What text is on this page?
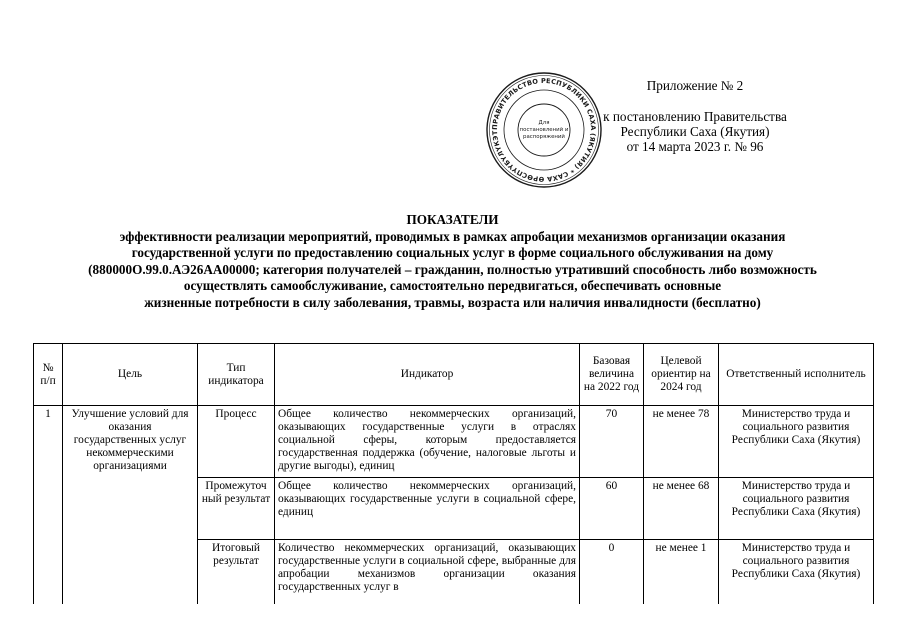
ПРАВИТЕЛЬСТВО РЕСПУБЛИКИ САХА (ЯКУТИЯ) * САХА ӨРӨСПҮҮБҮЛҮКЭТ
Для
постановлений и
распоряжений
Приложение № 2
к постановлению Правительства
Республики Саха (Якутия)
от 14 марта 2023 г. № 96
ПОКАЗАТЕЛИ
эффективности реализации мероприятий, проводимых в рамках апробации механизмов организации оказания
государственной услуги по предоставлению социальных услуг в форме социального обслуживания на дому
(880000О.99.0.АЭ26АА00000; категория получателей – гражданин, полностью утративший способность либо возможность
осуществлять самообслуживание, самостоятельно передвигаться, обеспечивать основные
жизненные потребности в силу заболевания, травмы, возраста или наличия инвалидности (бесплатно)
№ п/п	Цель	Тип индикатора	Индикатор	Базовая величина на 2022 год	Целевой ориентир на 2024 год	Ответственный исполнитель
1	Улучшение условий для оказания государственных услуг некоммерческими организациями	Процесс	Общее количество некоммерческих организаций, оказывающих государственные услуги в отраслях социальной сферы, которым предоставляется государственная поддержка (обучение, налоговые льготы и другие выгоды), единиц	70	не менее 78	Министерство труда и социального развития Республики Саха (Якутия)
		Промежуточ ный результат	Общее количество некоммерческих организаций, оказывающих государственные услуги в социальной сфере, единиц	60	не менее 68	Министерство труда и социального развития Республики Саха (Якутия)
		Итоговый результат	Количество некоммерческих организаций, оказывающих государственные услуги в социальной сфере, выбранные для апробации механизмов организации оказания государственных услуг в	0	не менее 1	Министерство труда и социального развития Республики Саха (Якутия)
